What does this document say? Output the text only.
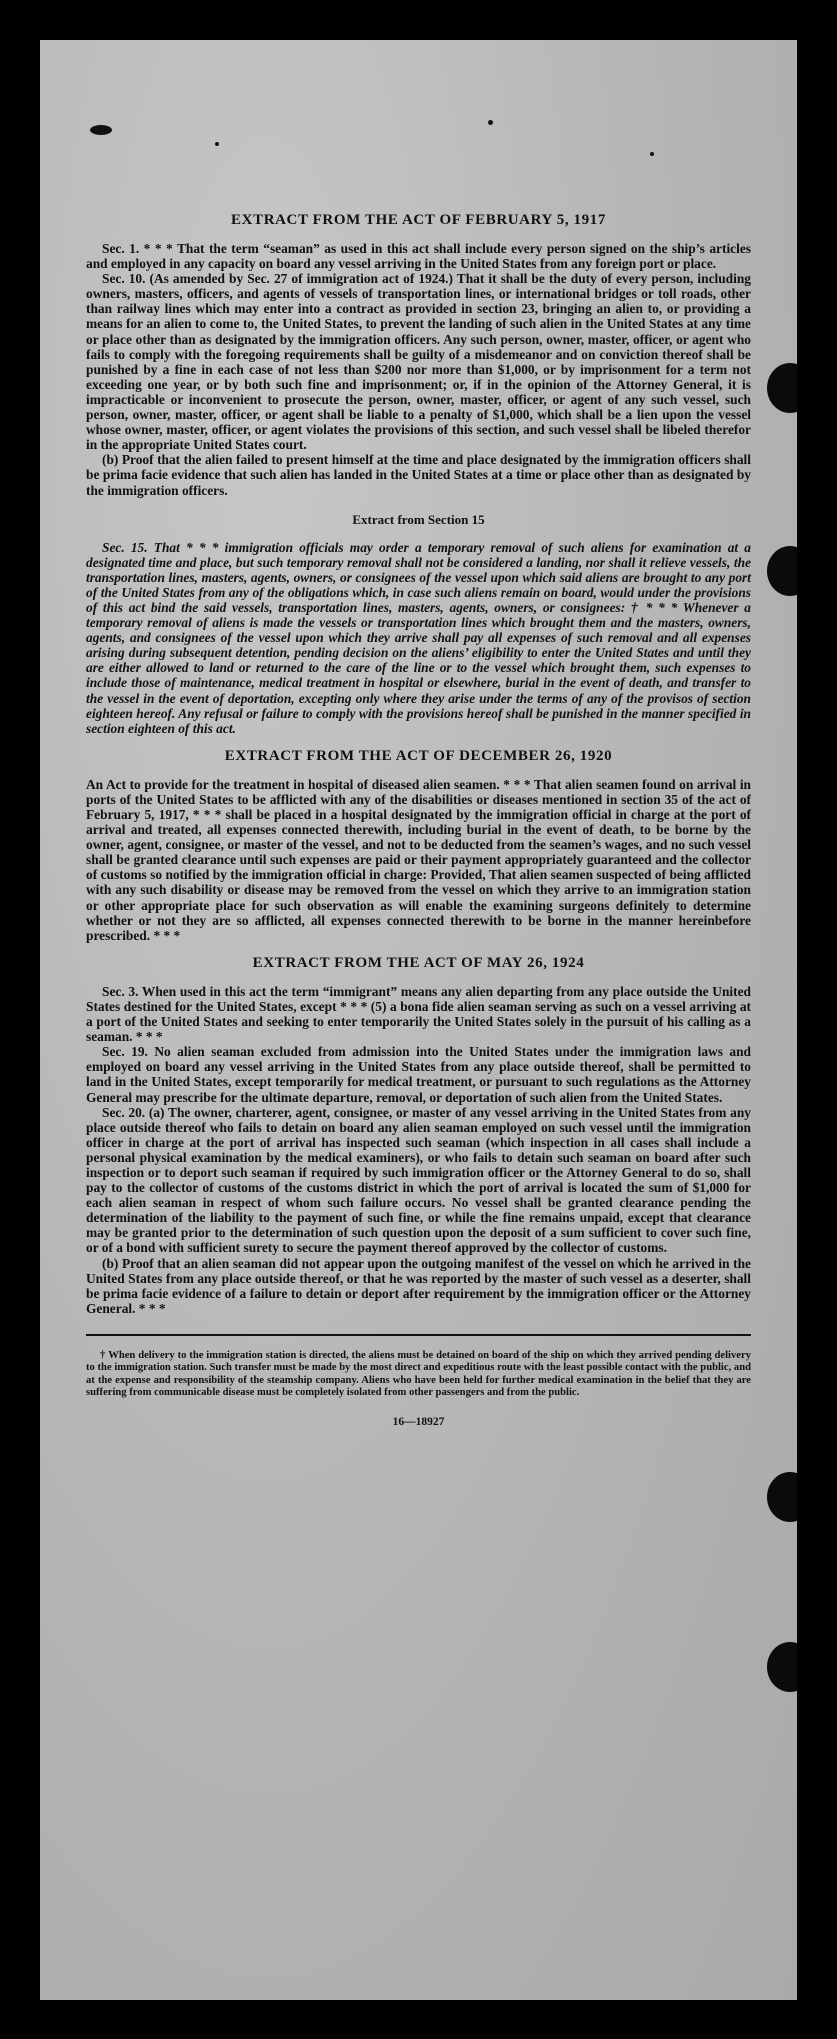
EXTRACT FROM THE ACT OF FEBRUARY 5, 1917

Sec. 1. * * * That the term “seaman” as used in this act shall include every person signed on the ship’s articles and employed in any capacity on board any vessel arriving in the United States from any foreign port or place.

Sec. 10. (As amended by Sec. 27 of immigration act of 1924.) That it shall be the duty of every person, including owners, masters, officers, and agents of vessels of transportation lines, or international bridges or toll roads, other than railway lines which may enter into a contract as provided in section 23, bringing an alien to, or providing a means for an alien to come to, the United States, to prevent the landing of such alien in the United States at any time or place other than as designated by the immigration officers. Any such person, owner, master, officer, or agent who fails to comply with the foregoing requirements shall be guilty of a misdemeanor and on conviction thereof shall be punished by a fine in each case of not less than $200 nor more than $1,000, or by imprisonment for a term not exceeding one year, or by both such fine and imprisonment; or, if in the opinion of the Attorney General, it is impracticable or inconvenient to prosecute the person, owner, master, officer, or agent of any such vessel, such person, owner, master, officer, or agent shall be liable to a penalty of $1,000, which shall be a lien upon the vessel whose owner, master, officer, or agent violates the provisions of this section, and such vessel shall be libeled therefor in the appropriate United States court.

(b) Proof that the alien failed to present himself at the time and place designated by the immigration officers shall be prima facie evidence that such alien has landed in the United States at a time or place other than as designated by the immigration officers.

Extract from Section 15

Sec. 15. That * * * immigration officials may order a temporary removal of such aliens for examination at a designated time and place, but such temporary removal shall not be considered a landing, nor shall it relieve vessels, the transportation lines, masters, agents, owners, or consignees of the vessel upon which said aliens are brought to any port of the United States from any of the obligations which, in case such aliens remain on board, would under the provisions of this act bind the said vessels, transportation lines, masters, agents, owners, or consignees: † * * * Whenever a temporary removal of aliens is made the vessels or transportation lines which brought them and the masters, owners, agents, and consignees of the vessel upon which they arrive shall pay all expenses of such removal and all expenses arising during subsequent detention, pending decision on the aliens’ eligibility to enter the United States and until they are either allowed to land or returned to the care of the line or to the vessel which brought them, such expenses to include those of maintenance, medical treatment in hospital or elsewhere, burial in the event of death, and transfer to the vessel in the event of deportation, excepting only where they arise under the terms of any of the provisos of section eighteen hereof. Any refusal or failure to comply with the provisions hereof shall be punished in the manner specified in section eighteen of this act.

EXTRACT FROM THE ACT OF DECEMBER 26, 1920

An Act to provide for the treatment in hospital of diseased alien seamen. * * * That alien seamen found on arrival in ports of the United States to be afflicted with any of the disabilities or diseases mentioned in section 35 of the act of February 5, 1917, * * * shall be placed in a hospital designated by the immigration official in charge at the port of arrival and treated, all expenses connected therewith, including burial in the event of death, to be borne by the owner, agent, consignee, or master of the vessel, and not to be deducted from the seamen’s wages, and no such vessel shall be granted clearance until such expenses are paid or their payment appropriately guaranteed and the collector of customs so notified by the immigration official in charge: Provided, That alien seamen suspected of being afflicted with any such disability or disease may be removed from the vessel on which they arrive to an immigration station or other appropriate place for such observation as will enable the examining surgeons definitely to determine whether or not they are so afflicted, all expenses connected therewith to be borne in the manner hereinbefore prescribed. * * *

EXTRACT FROM THE ACT OF MAY 26, 1924

Sec. 3. When used in this act the term “immigrant” means any alien departing from any place outside the United States destined for the United States, except * * * (5) a bona fide alien seaman serving as such on a vessel arriving at a port of the United States and seeking to enter temporarily the United States solely in the pursuit of his calling as a seaman. * * *

Sec. 19. No alien seaman excluded from admission into the United States under the immigration laws and employed on board any vessel arriving in the United States from any place outside thereof, shall be permitted to land in the United States, except temporarily for medical treatment, or pursuant to such regulations as the Attorney General may prescribe for the ultimate departure, removal, or deportation of such alien from the United States.

Sec. 20. (a) The owner, charterer, agent, consignee, or master of any vessel arriving in the United States from any place outside thereof who fails to detain on board any alien seaman employed on such vessel until the immigration officer in charge at the port of arrival has inspected such seaman (which inspection in all cases shall include a personal physical examination by the medical examiners), or who fails to detain such seaman on board after such inspection or to deport such seaman if required by such immigration officer or the Attorney General to do so, shall pay to the collector of customs of the customs district in which the port of arrival is located the sum of $1,000 for each alien seaman in respect of whom such failure occurs. No vessel shall be granted clearance pending the determination of the liability to the payment of such fine, or while the fine remains unpaid, except that clearance may be granted prior to the determination of such question upon the deposit of a sum sufficient to cover such fine, or of a bond with sufficient surety to secure the payment thereof approved by the collector of customs.

(b) Proof that an alien seaman did not appear upon the outgoing manifest of the vessel on which he arrived in the United States from any place outside thereof, or that he was reported by the master of such vessel as a deserter, shall be prima facie evidence of a failure to detain or deport after requirement by the immigration officer or the Attorney General. * * *

† When delivery to the immigration station is directed, the aliens must be detained on board of the ship on which they arrived pending delivery to the immigration station. Such transfer must be made by the most direct and expeditious route with the least possible contact with the public, and at the expense and responsibility of the steamship company. Aliens who have been held for further medical examination in the belief that they are suffering from communicable disease must be completely isolated from other passengers and from the public.

16—18927
